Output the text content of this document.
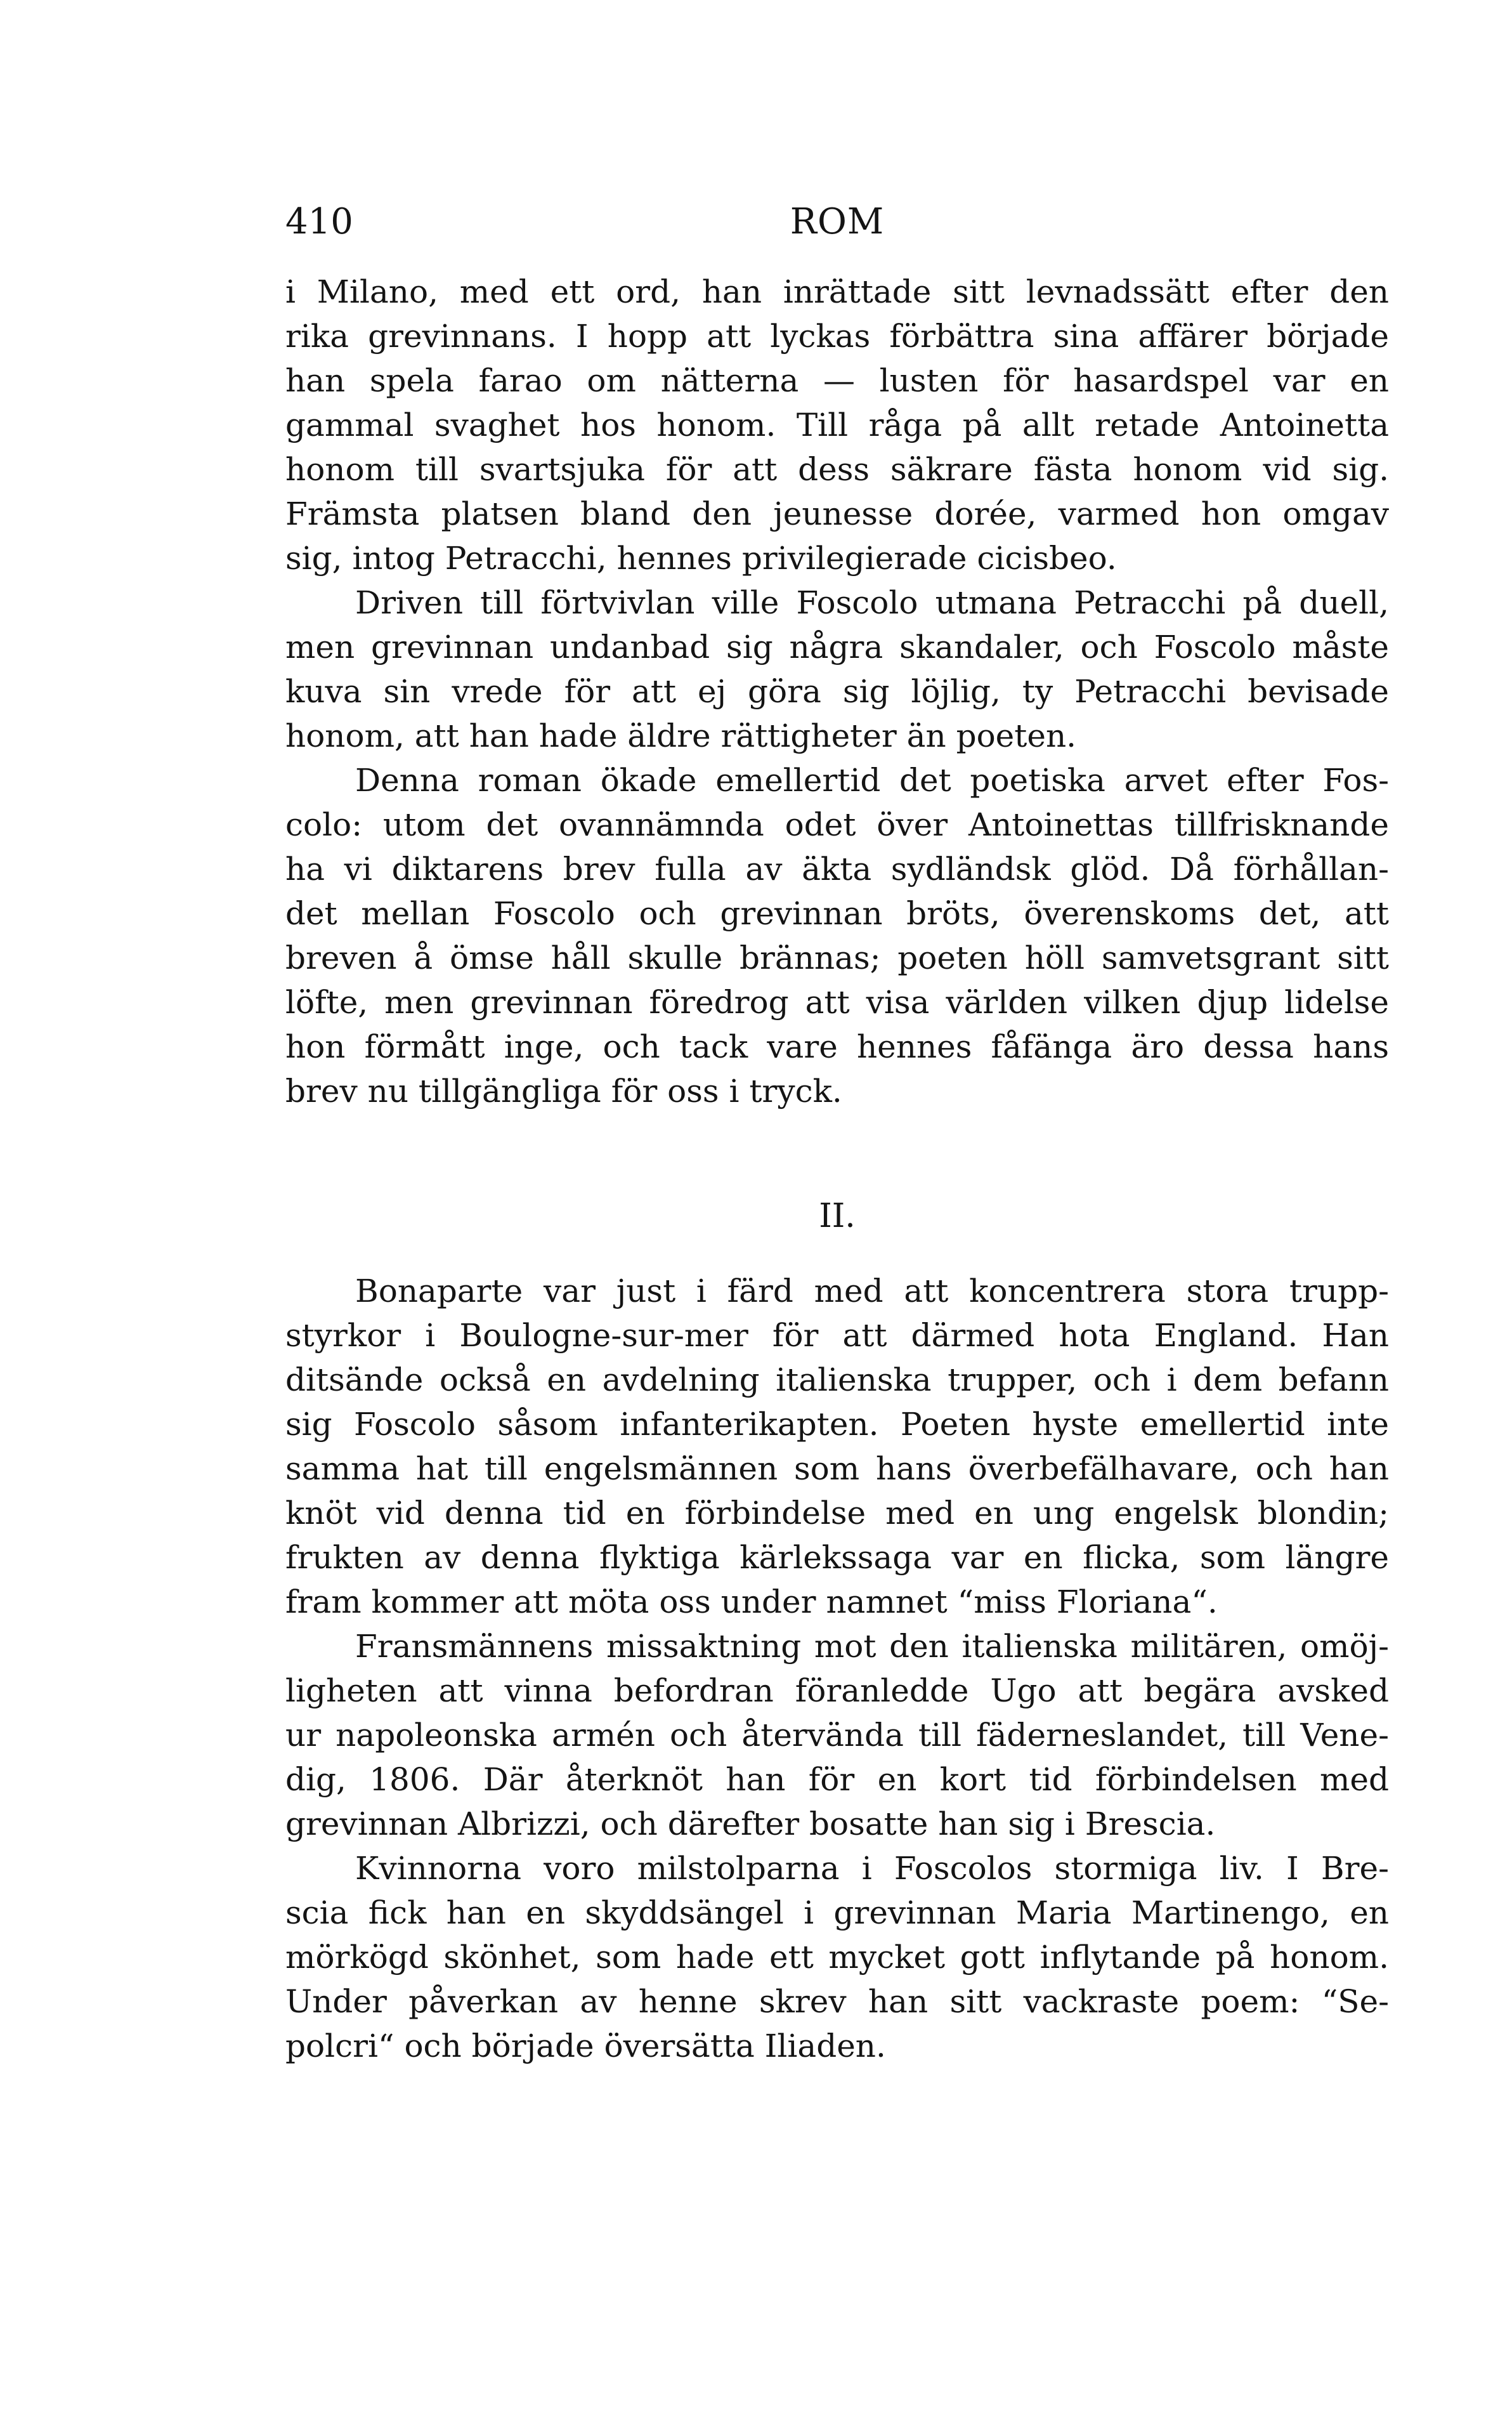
ROM
410
i Milano, med ett ord, han inrättade sitt levnadssätt efter den
rika grevinnans. I hopp att lyckas förbättra sina affärer började
han spela farao om nätterna — lusten för hasardspel var en
gammal svaghet hos honom. Till råga på allt retade Antoinetta
honom till svartsjuka för att dess säkrare fästa honom vid sig.
Främsta platsen bland den jeunesse dorée, varmed hon omgav
sig, intog Petracchi, hennes privilegierade cicisbeo.
Driven till förtvivlan ville Foscolo utmana Petracchi på duell,
men grevinnan undanbad sig några skandaler, och Foscolo måste
kuva sin vrede för att ej göra sig löjlig, ty Petracchi bevisade
honom, att han hade äldre rättigheter än poeten.
Denna roman ökade emellertid det poetiska arvet efter Fos-
colo: utom det ovannämnda odet över Antoinettas tillfrisknande
ha vi diktarens brev fulla av äkta sydländsk glöd. Då förhållan-
det mellan Foscolo och grevinnan bröts, överenskoms det, att
breven å ömse håll skulle brännas; poeten höll samvetsgrant sitt
löfte, men grevinnan föredrog att visa världen vilken djup lidelse
hon förmått inge, och tack vare hennes fåfänga äro dessa hans
brev nu tillgängliga för oss i tryck.
II.
Bonaparte var just i färd med att koncentrera stora trupp-
styrkor i Boulogne-sur-mer för att därmed hota England. Han
ditsände också en avdelning italienska trupper, och i dem befann
sig Foscolo såsom infanterikapten. Poeten hyste emellertid inte
samma hat till engelsmännen som hans överbefälhavare, och han
knöt vid denna tid en förbindelse med en ung engelsk blondin;
frukten av denna flyktiga kärlekssaga var en flicka, som längre
fram kommer att möta oss under namnet “miss Floriana“.
Fransmännens missaktning mot den italienska militären, omöj-
ligheten att vinna befordran föranledde Ugo att begära avsked
ur napoleonska armén och återvända till fäderneslandet, till Vene-
dig, 1806. Där återknöt han för en kort tid förbindelsen med
grevinnan Albrizzi, och därefter bosatte han sig i Brescia.
Kvinnorna voro milstolparna i Foscolos stormiga liv. I Bre-
scia fick han en skyddsängel i grevinnan Maria Martinengo, en
mörkögd skönhet, som hade ett mycket gott inflytande på honom.
Under påverkan av henne skrev han sitt vackraste poem: “Se-
polcri“ och började översätta Iliaden.
